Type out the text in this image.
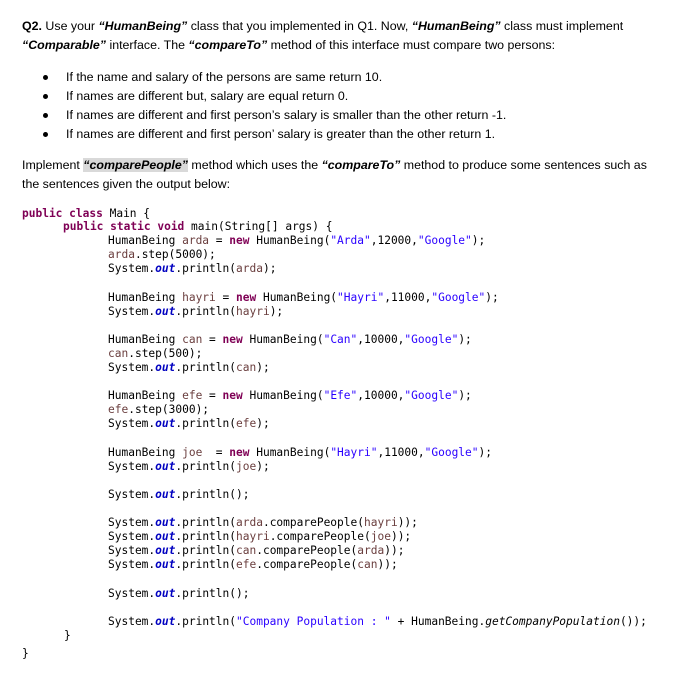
Q2. Use your “HumanBeing” class that you implemented in Q1. Now, “HumanBeing” class must implement “Comparable” interface. The “compareTo” method of this interface must compare two persons:

If the name and salary of the persons are same return 10.
If names are different but, salary are equal return 0.
If names are different and first person’s salary is smaller than the other return -1.
If names are different and first person’ salary is greater than the other return 1.

Implement “comparePeople” method which uses the “compareTo” method to produce some sentences such as the sentences given the output below:

public class Main {
public static void main(String[] args) {
HumanBeing arda = new HumanBeing("Arda",12000,"Google");
arda.step(5000);
System.out.println(arda);
HumanBeing hayri = new HumanBeing("Hayri",11000,"Google");
System.out.println(hayri);
HumanBeing can = new HumanBeing("Can",10000,"Google");
can.step(500);
System.out.println(can);
HumanBeing efe = new HumanBeing("Efe",10000,"Google");
efe.step(3000);
System.out.println(efe);
HumanBeing joe  = new HumanBeing("Hayri",11000,"Google");
System.out.println(joe);
System.out.println();
System.out.println(arda.comparePeople(hayri));
System.out.println(hayri.comparePeople(joe));
System.out.println(can.comparePeople(arda));
System.out.println(efe.comparePeople(can));
System.out.println();
System.out.println("Company Population : " + HumanBeing.getCompanyPopulation());
}
}
